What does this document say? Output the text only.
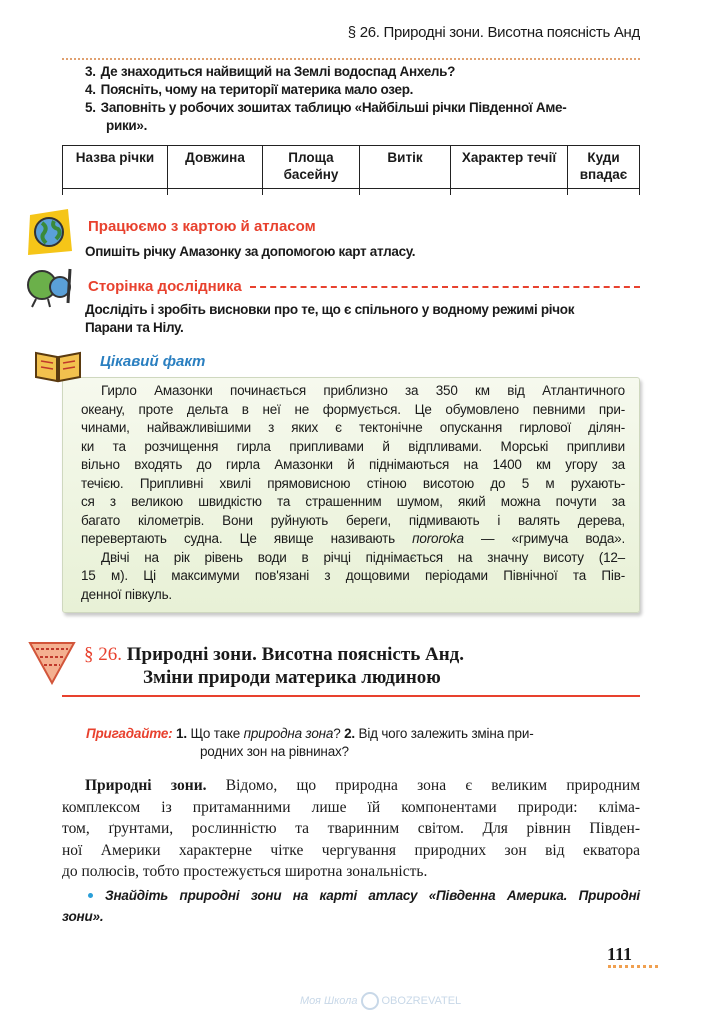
§ 26. Природні зони. Висотна поясність Анд
3. Де знаходиться найвищий на Землі водоспад Анхель?
4. Поясніть, чому на території материка мало озер.
5. Заповніть у робочих зошитах таблицю «Найбільші річки Південної Аме-
рики».
Назва річки	Довжина	Площа басейну	Витік	Характер течії	Куди впадає

Працюємо з картою й атласом
Опишіть річку Амазонку за допомогою карт атласу.
Сторінка дослідника
Дослідіть і зробіть висновки про те, що є спільного у водному режимі річок
Парани та Нілу.
Цікавий факт
Гирло Амазонки починається приблизно за 350 км від Атлантичного
океану, проте дельта в неї не формується. Це обумовлено певними при-
чинами, найважливішими з яких є тектонічне опускання гирлової ділян-
ки та розчищення гирла припливами й відпливами. Морські припливи
вільно входять до гирла Амазонки й піднімаються на 1400 км угору за
течією. Припливні хвилі прямовисною стіною висотою до 5 м рухають-
ся з великою швидкістю та страшенним шумом, який можна почути за
багато кілометрів. Вони руйнують береги, підмивають і валять дерева,
перевертають судна. Це явище називають пororoka — «гримуча вода».
Двічі на рік рівень води в річці піднімається на значну висоту (12–
15 м). Ці максимуми пов'язані з дощовими періодами Північної та Пів-
денної півкуль.
§ 26. Природні зони. Висотна поясність Анд.
Зміни природи материка людиною
Пригадайте: 1. Що таке природна зона? 2. Від чого залежить зміна при-
родних зон на рівнинах?
Природні зони. Відомо, що природна зона є великим природним
комплексом із притаманними лише їй компонентами природи: кліма-
том, ґрунтами, рослинністю та тваринним світом. Для рівнин Півден-
ної Америки характерне чітке чергування природних зон від екватора
до полюсів, тобто простежується широтна зональність.
Знайдіть природні зони на карті атласу «Південна Америка. Природні
зони».
111
Моя Школа OBOZREVATEL
